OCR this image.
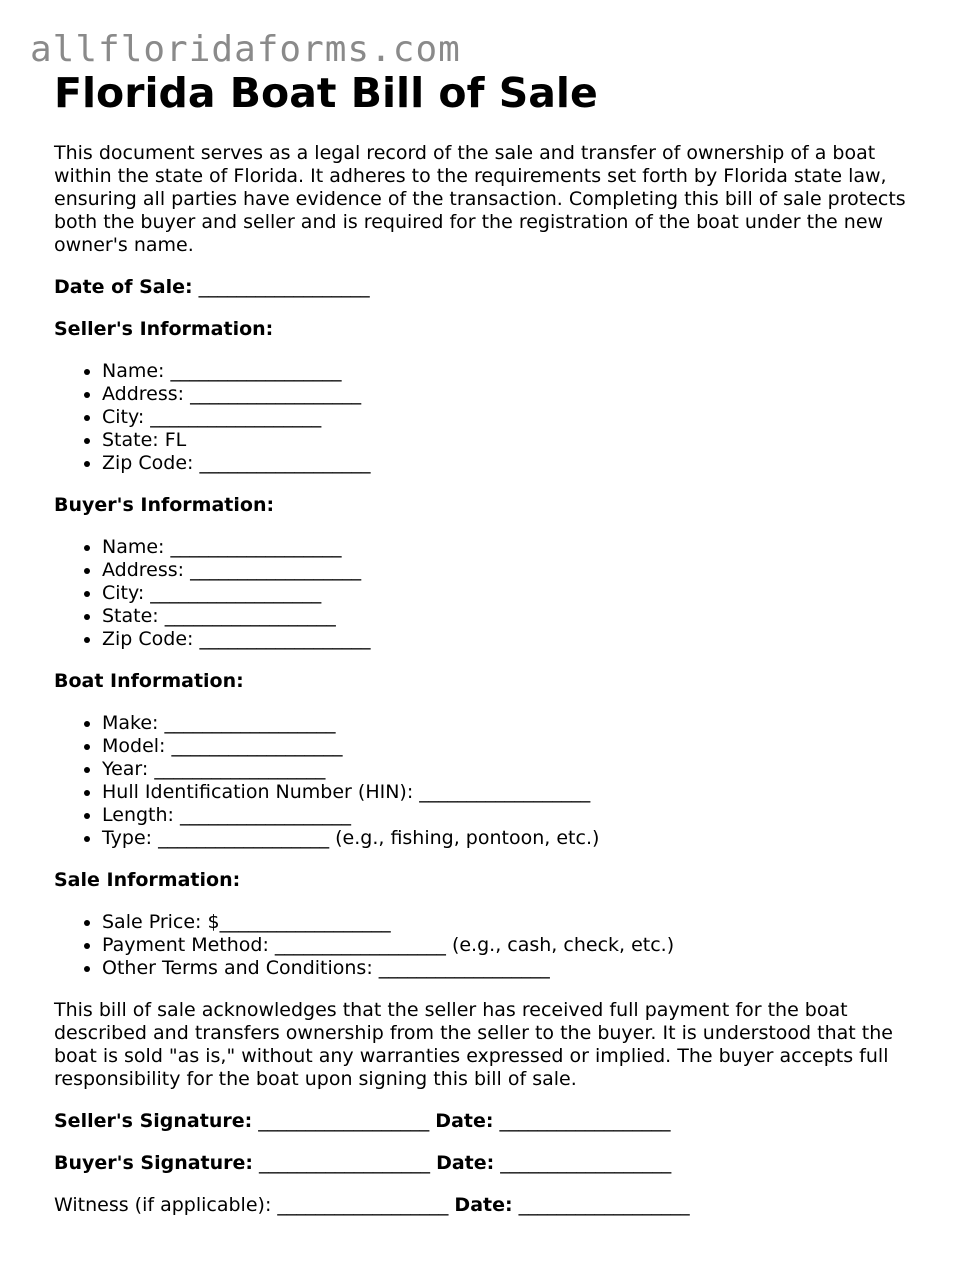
allfloridaforms.com
Florida Boat Bill of Sale

This document serves as a legal record of the sale and transfer of ownership of a boat within the state of Florida. It adheres to the requirements set forth by Florida state law, ensuring all parties have evidence of the transaction. Completing this bill of sale protects both the buyer and seller and is required for the registration of the boat under the new owner's name.

Date of Sale: __________________

Seller's Information:

• Name: __________________
• Address: __________________
• City: __________________
• State: FL
• Zip Code: __________________

Buyer's Information:

• Name: __________________
• Address: __________________
• City: __________________
• State: __________________
• Zip Code: __________________

Boat Information:

• Make: __________________
• Model: __________________
• Year: __________________
• Hull Identification Number (HIN): __________________
• Length: __________________
• Type: __________________ (e.g., fishing, pontoon, etc.)

Sale Information:

• Sale Price: $__________________
• Payment Method: __________________ (e.g., cash, check, etc.)
• Other Terms and Conditions: __________________

This bill of sale acknowledges that the seller has received full payment for the boat described and transfers ownership from the seller to the buyer. It is understood that the boat is sold "as is," without any warranties expressed or implied. The buyer accepts full responsibility for the boat upon signing this bill of sale.

Seller's Signature: __________________ Date: __________________

Buyer's Signature: __________________ Date: __________________

Witness (if applicable): __________________ Date: __________________
